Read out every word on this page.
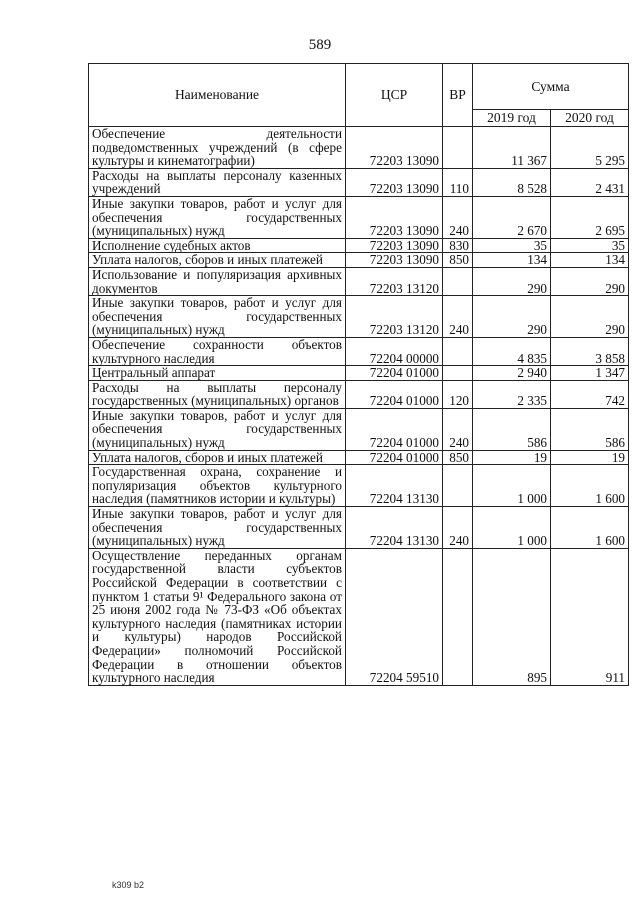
589
Наименование	ЦСР	ВР	Сумма	
			2019 год	2020 год
Обеспечение деятельности подведомственных учреждений (в сфере культуры и кинематографии)	72203 13090		11 367	5 295
Расходы на выплаты персоналу казенных учреждений	72203 13090	110	8 528	2 431
Иные закупки товаров, работ и услуг для обеспечения государственных (муниципальных) нужд	72203 13090	240	2 670	2 695
Исполнение судебных актов	72203 13090	830	35	35
Уплата налогов, сборов и иных платежей	72203 13090	850	134	134
Использование и популяризация архивных документов	72203 13120		290	290
Иные закупки товаров, работ и услуг для обеспечения государственных (муниципальных) нужд	72203 13120	240	290	290
Обеспечение сохранности объектов культурного наследия	72204 00000		4 835	3 858
Центральный аппарат	72204 01000		2 940	1 347
Расходы на выплаты персоналу государственных (муниципальных) органов	72204 01000	120	2 335	742
Иные закупки товаров, работ и услуг для обеспечения государственных (муниципальных) нужд	72204 01000	240	586	586
Уплата налогов, сборов и иных платежей	72204 01000	850	19	19
Государственная охрана, сохранение и популяризация объектов культурного наследия (памятников истории и культуры)	72204 13130		1 000	1 600
Иные закупки товаров, работ и услуг для обеспечения государственных (муниципальных) нужд	72204 13130	240	1 000	1 600
Осуществление переданных органам государственной власти субъектов Российской Федерации в соответствии с пунктом 1 статьи 9¹ Федерального закона от 25 июня 2002 года № 73-ФЗ «Об объектах культурного наследия (памятниках истории и культуры) народов Российской Федерации» полномочий Российской Федерации в отношении объектов культурного наследия	72204 59510		895	911
k309 b2
